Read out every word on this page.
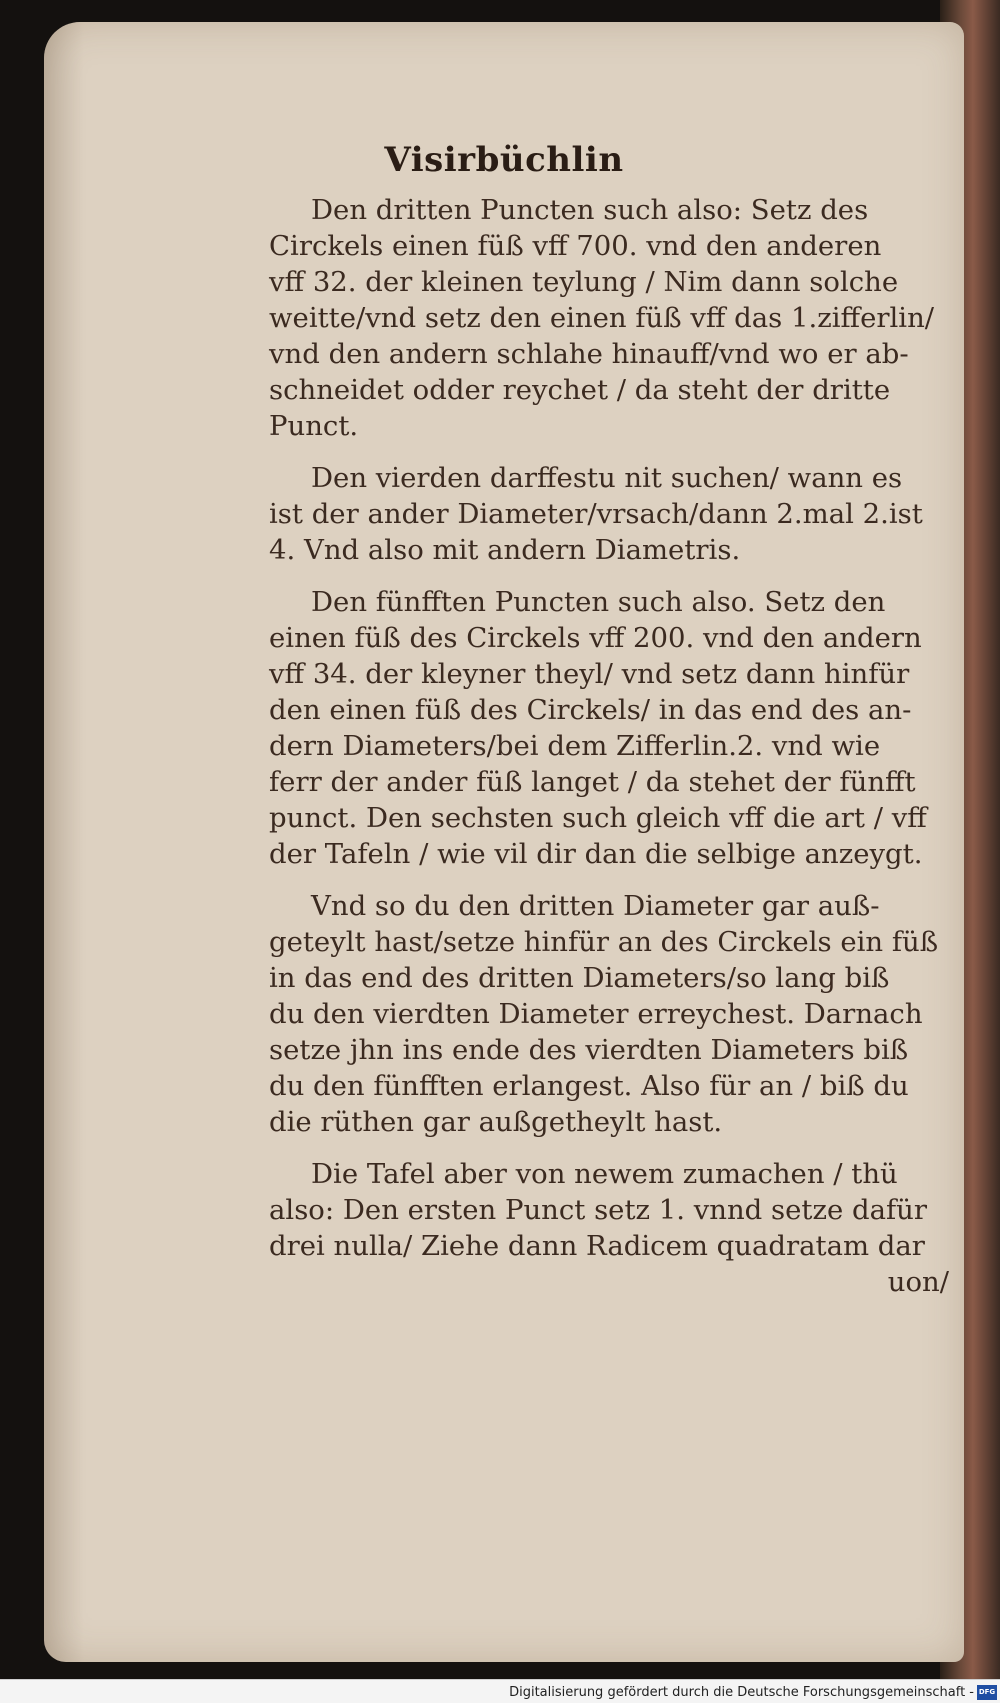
Visirbüchlin
Den dritten Puncten such also: Setz des
Circkels einen füß vff 700. vnd den anderen
vff 32. der kleinen teylung / Nim dann solche
weitte/vnd setz den einen füß vff das 1.zifferlin/
vnd den andern schlahe hinauff/vnd wo er ab-
schneidet odder reychet / da steht der dritte
Punct.
Den vierden darffestu nit suchen/ wann es
ist der ander Diameter/vrsach/dann 2.mal 2.ist
4. Vnd also mit andern Diametris.
Den fünfften Puncten such also. Setz den
einen füß des Circkels vff 200. vnd den andern
vff 34. der kleyner theyl/ vnd setz dann hinfür
den einen füß des Circkels/ in das end des an-
dern Diameters/bei dem Zifferlin.2. vnd wie
ferr der ander füß langet / da stehet der fünfft
punct. Den sechsten such gleich vff die art / vff
der Tafeln / wie vil dir dan die selbige anzeygt.
Vnd so du den dritten Diameter gar auß-
geteylt hast/setze hinfür an des Circkels ein füß
in das end des dritten Diameters/so lang biß
du den vierdten Diameter erreychest. Darnach
setze jhn ins ende des vierdten Diameters biß
du den fünfften erlangest. Also für an / biß du
die rüthen gar außgetheylt hast.
Die Tafel aber von newem zumachen / thü
also: Den ersten Punct setz 1. vnnd setze dafür
drei nulla/ Ziehe dann Radicem quadratam dar
uon/
Digitalisierung gefördert durch die Deutsche Forschungsgemeinschaft - DFG
